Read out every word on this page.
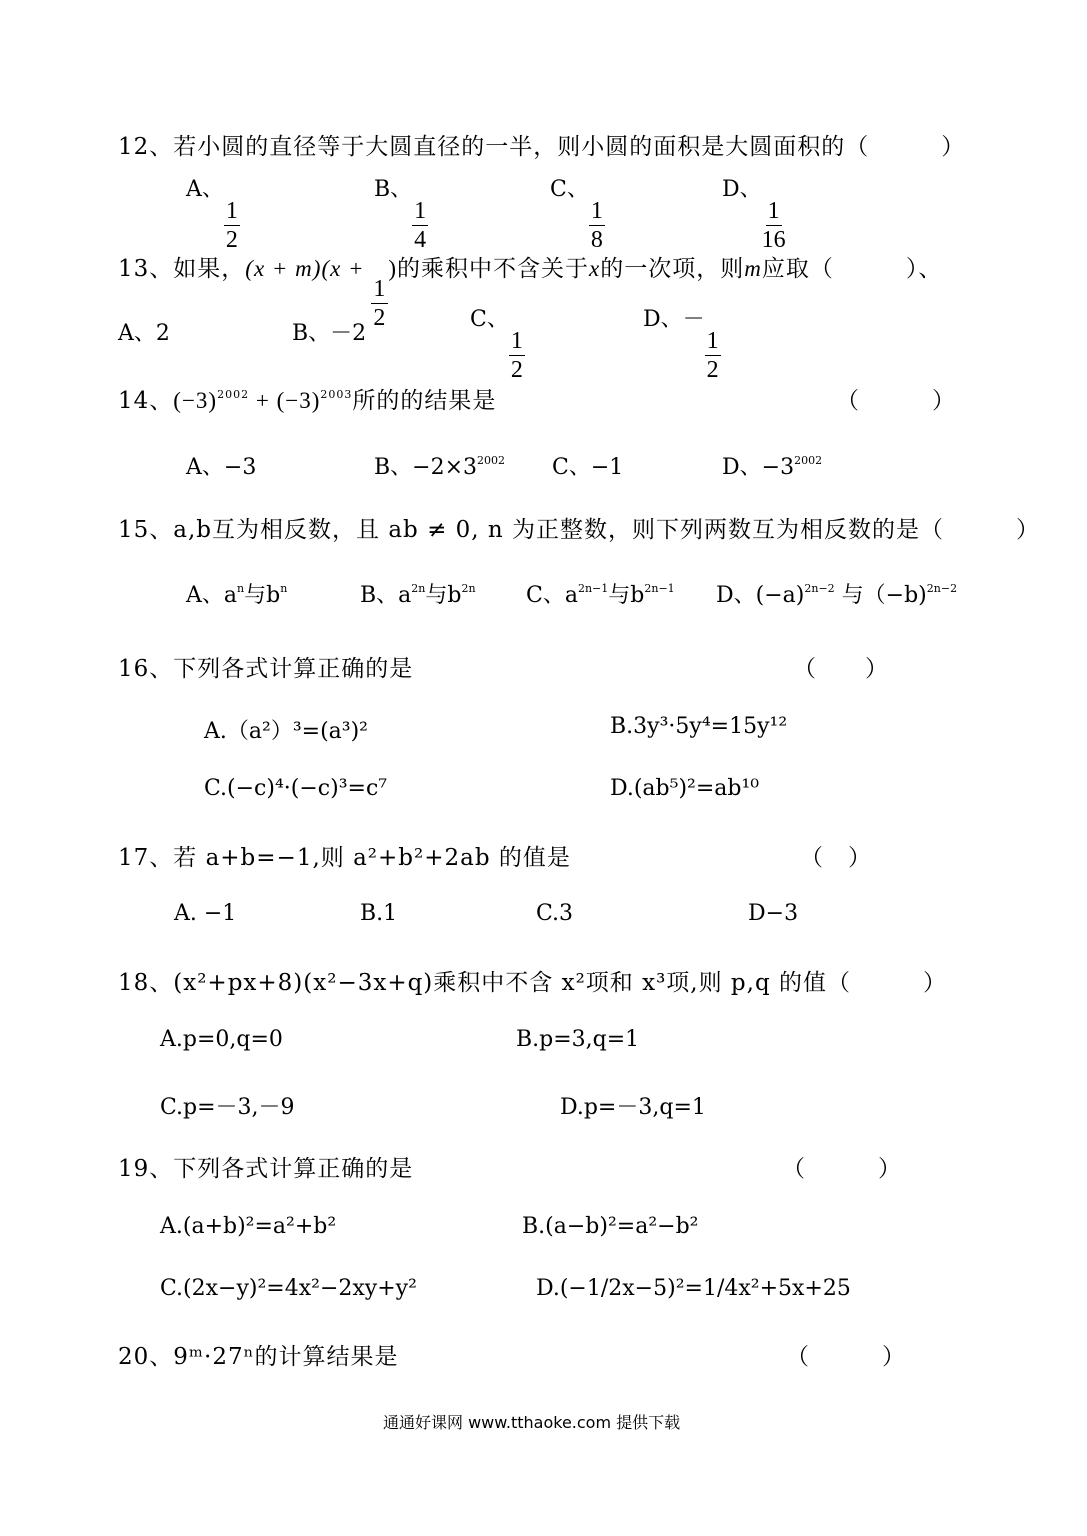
12、若小圆的直径等于大圆直径的一半，则小圆的面积是大圆面积的（　　　）
A、
$\frac{1}{2}$
B、
$\frac{1}{4}$
C、
$\frac{1}{8}$
D、
$\frac{1}{16}$
13、如果，(x + m)(x +
$\frac{1}{2}$
)的乘积中不含关于x的一次项，则m应取（　　　）、
A、2	B、－2
C、
$\frac{1}{2}$
D、－
$\frac{1}{2}$
14、$(-3)^{2002} + (-3)^{2003}$所的的结果是	（　　　）
A、−3	B、$-2\times 3^{2002}$ C、−1	D、$-3^{2002}$
15、a,b互为相反数，且 ab ≠ 0, n 为正整数，则下列两数互为相反数的是（　　　）
A、$a^n$与$b^n$	B、$a^{2n}$与$b^{2n}$ C、$a^{2n-1}$与$b^{2n-1}$ D、$(-a)^{2n-2}$ 与（−b)$^{2n-2}$
16、下列各式计算正确的是	（　　）
A.（a²）³=(a³)²	B.3y³·5y⁴=15y¹²
C.(−c)⁴·(−c)³=c⁷	D.(ab⁵)²=ab¹⁰
17、若 a+b=−1,则 a²+b²+2ab 的值是	（　）
A. −1	B.1	C.3	D−3
18、(x²+px+8)(x²−3x+q)乘积中不含 x²项和 x³项,则 p,q 的值（　　　）
A.p=0,q=0	B.p=3,q=1
C.p=－3,－9	D.p=－3,q=1
19、下列各式计算正确的是	（　　　）
A.(a+b)²=a²+b²	B.(a−b)²=a²−b²
C.(2x−y)²=4x²−2xy+y²	D.(−1/2x−5)²=1/4x²+5x+25
20、9ᵐ·27ⁿ的计算结果是	（　　　）
通通好课网 www.tthaoke.com 提供下载
